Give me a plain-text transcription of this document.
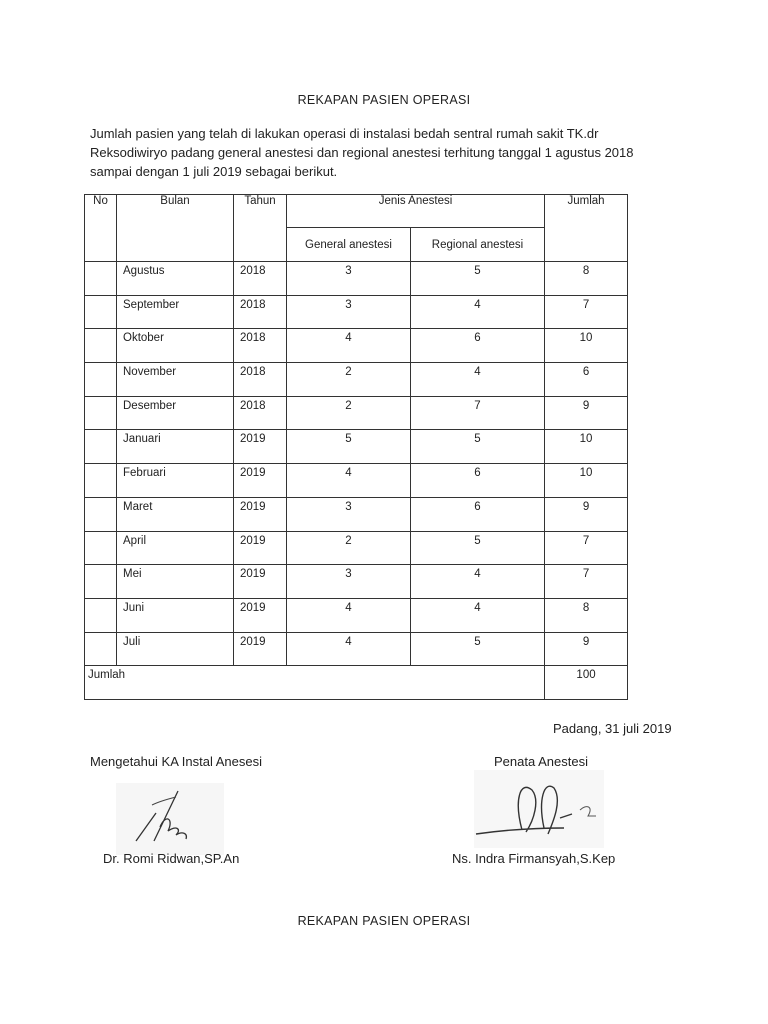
REKAPAN PASIEN OPERASI

Jumlah pasien yang telah di lakukan operasi di instalasi bedah sentral rumah sakit TK.dr
Reksodiwiryo padang general anestesi dan regional anestesi terhitung tanggal 1 agustus 2018
sampai dengan 1 juli 2019 sebagai berikut.

No	Bulan	Tahun	Jenis Anestesi		Jumlah
			General anestesi	Regional anestesi	
	Agustus	2018	3	5	8
	September	2018	3	4	7
	Oktober	2018	4	6	10
	November	2018	2	4	6
	Desember	2018	2	7	9
	Januari	2019	5	5	10
	Februari	2019	4	6	10
	Maret	2019	3	6	9
	April	2019	2	5	7
	Mei	2019	3	4	7
	Juni	2019	4	4	8
	Juli	2019	4	5	9
Jumlah					100
Padang, 31 juli 2019
Mengetahui KA Instal Anesesi	Penata Anestesi
Dr. Romi Ridwan,SP.An	Ns. Indra Firmansyah,S.Kep
REKAPAN PASIEN OPERASI
